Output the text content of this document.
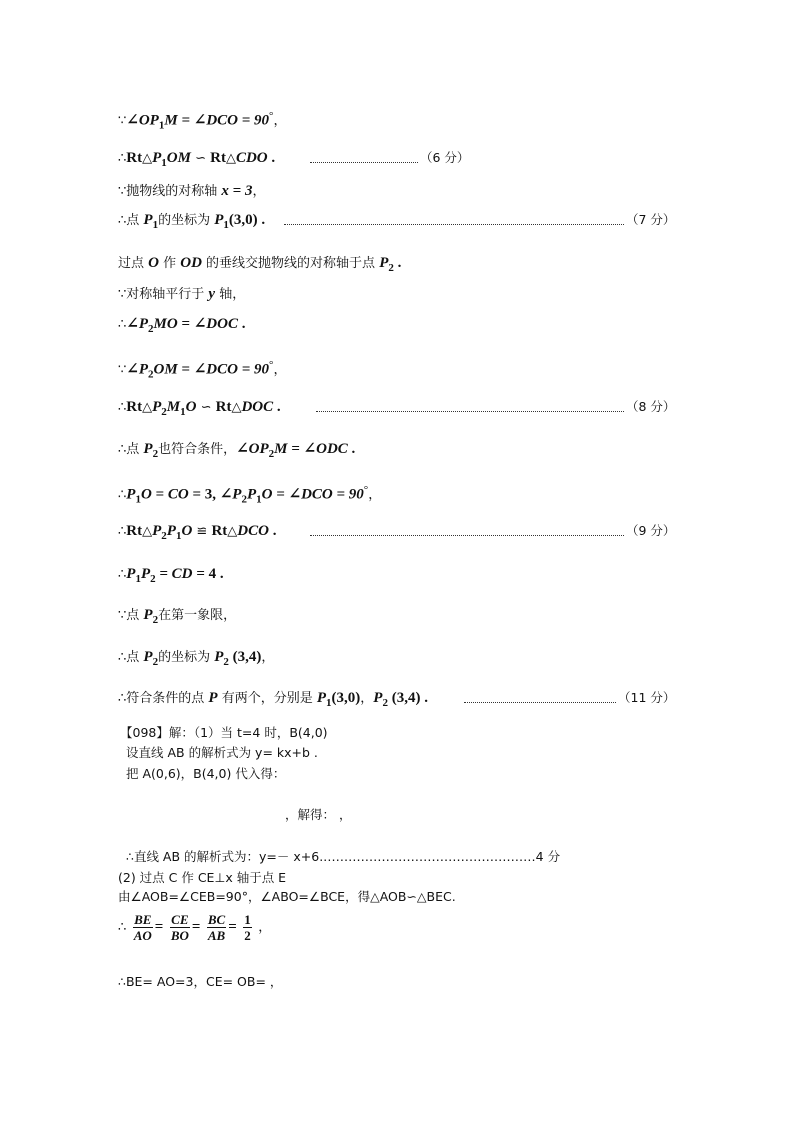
$\because\angle OP_1M$ = ∠DCO = 90°，
$\therefore Rt\triangle P_1OM$ ∽ Rt△CDO .	（6 分）
∵抛物线的对称轴 x = 3，
∴点 $P_1$的坐标为 $P_1(3,0)$ .	（7 分）
过点 O 作 OD 的垂线交抛物线的对称轴于点 $P_2$ .
∵对称轴平行于 y 轴，
$\therefore\angle P_2MO$ = ∠DOC .
$\because\angle P_2OM$ = ∠DCO = 90°，
$\therefore Rt\triangle P_2M_1O$ ∽ Rt△DOC .	（8 分）
∴点 $P_2$也符合条件，$\angle OP_2M$ = ∠ODC .
$\therefore P_1O$ = CO = 3, $\angle P_2P_1O$ = ∠DCO = 90°，
$\therefore Rt\triangle P_2P_1O$ ≌ Rt△DCO .	（9 分）
$\therefore P_1P_2$ = CD = 4 .
∵点 $P_2$在第一象限，
∴点 $P_2$的坐标为 $P_2$ (3,4)，
∴符合条件的点 P 有两个，分别是 $P_1(3,0)$，$P_2$ (3,4) .	（11 分）
【098】解：（1）当 t=4 时，B(4,0)
设直线 AB 的解析式为 y= kx+b .
把 A(0,6)，B(4,0) 代入得：
，解得： ，
∴直线 AB 的解析式为：y=－ x+6.……………………………………………4 分
(2) 过点 C 作 CE⊥x 轴于点 E
由∠AOB=∠CEB=90°，∠ABO=∠BCE，得△AOB∽△BEC.
∴ $\frac{BE}{AO} = \frac{CE}{BO} = \frac{BC}{AB} = \frac{1}{2}$ ，
∴BE= AO=3，CE= OB= ，
